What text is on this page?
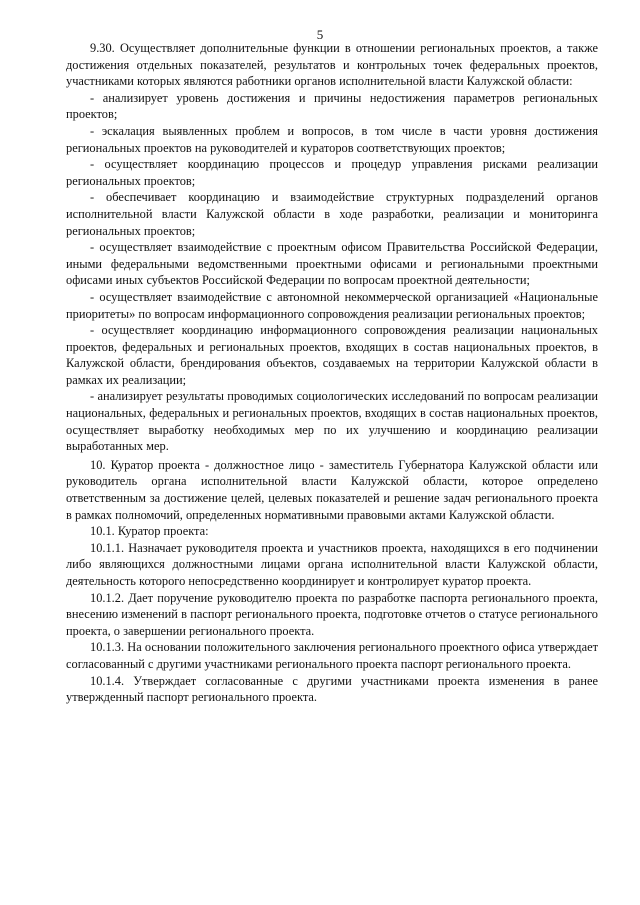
5

9.30. Осуществляет дополнительные функции в отношении региональных проектов, а также достижения отдельных показателей, результатов и контрольных точек федеральных проектов, участниками которых являются работники органов исполнительной власти Калужской области:

- анализирует уровень достижения и причины недостижения параметров региональных проектов;

- эскалация выявленных проблем и вопросов, в том числе в части уровня достижения региональных проектов на руководителей и кураторов соответствующих проектов;

- осуществляет координацию процессов и процедур управления рисками реализации региональных проектов;

- обеспечивает координацию и взаимодействие структурных подразделений органов исполнительной власти Калужской области в ходе разработки, реализации и мониторинга региональных проектов;

- осуществляет взаимодействие с проектным офисом Правительства Российской Федерации, иными федеральными ведомственными проектными офисами и региональными проектными офисами иных субъектов Российской Федерации по вопросам проектной деятельности;

- осуществляет взаимодействие с автономной некоммерческой организацией «Национальные приоритеты» по вопросам информационного сопровождения реализации региональных проектов;

- осуществляет координацию информационного сопровождения реализации национальных проектов, федеральных и региональных проектов, входящих в состав национальных проектов, в Калужской области, брендирования объектов, создаваемых на территории Калужской области в рамках их реализации;

- анализирует результаты проводимых социологических исследований по вопросам реализации национальных, федеральных и региональных проектов, входящих в состав национальных проектов, осуществляет выработку необходимых мер по их улучшению и координацию реализации выработанных мер.

10. Куратор проекта - должностное лицо - заместитель Губернатора Калужской области или руководитель органа исполнительной власти Калужской области, которое определено ответственным за достижение целей, целевых показателей и решение задач регионального проекта в рамках полномочий, определенных нормативными правовыми актами Калужской области.

10.1. Куратор проекта:

10.1.1. Назначает руководителя проекта и участников проекта, находящихся в его подчинении либо являющихся должностными лицами органа исполнительной власти Калужской области, деятельность которого непосредственно координирует и контролирует куратор проекта.

10.1.2. Дает поручение руководителю проекта по разработке паспорта регионального проекта, внесению изменений в паспорт регионального проекта, подготовке отчетов о статусе регионального проекта, о завершении регионального проекта.

10.1.3. На основании положительного заключения регионального проектного офиса утверждает согласованный с другими участниками регионального проекта паспорт регионального проекта.

10.1.4. Утверждает согласованные с другими участниками проекта изменения в ранее утвержденный паспорт регионального проекта.
